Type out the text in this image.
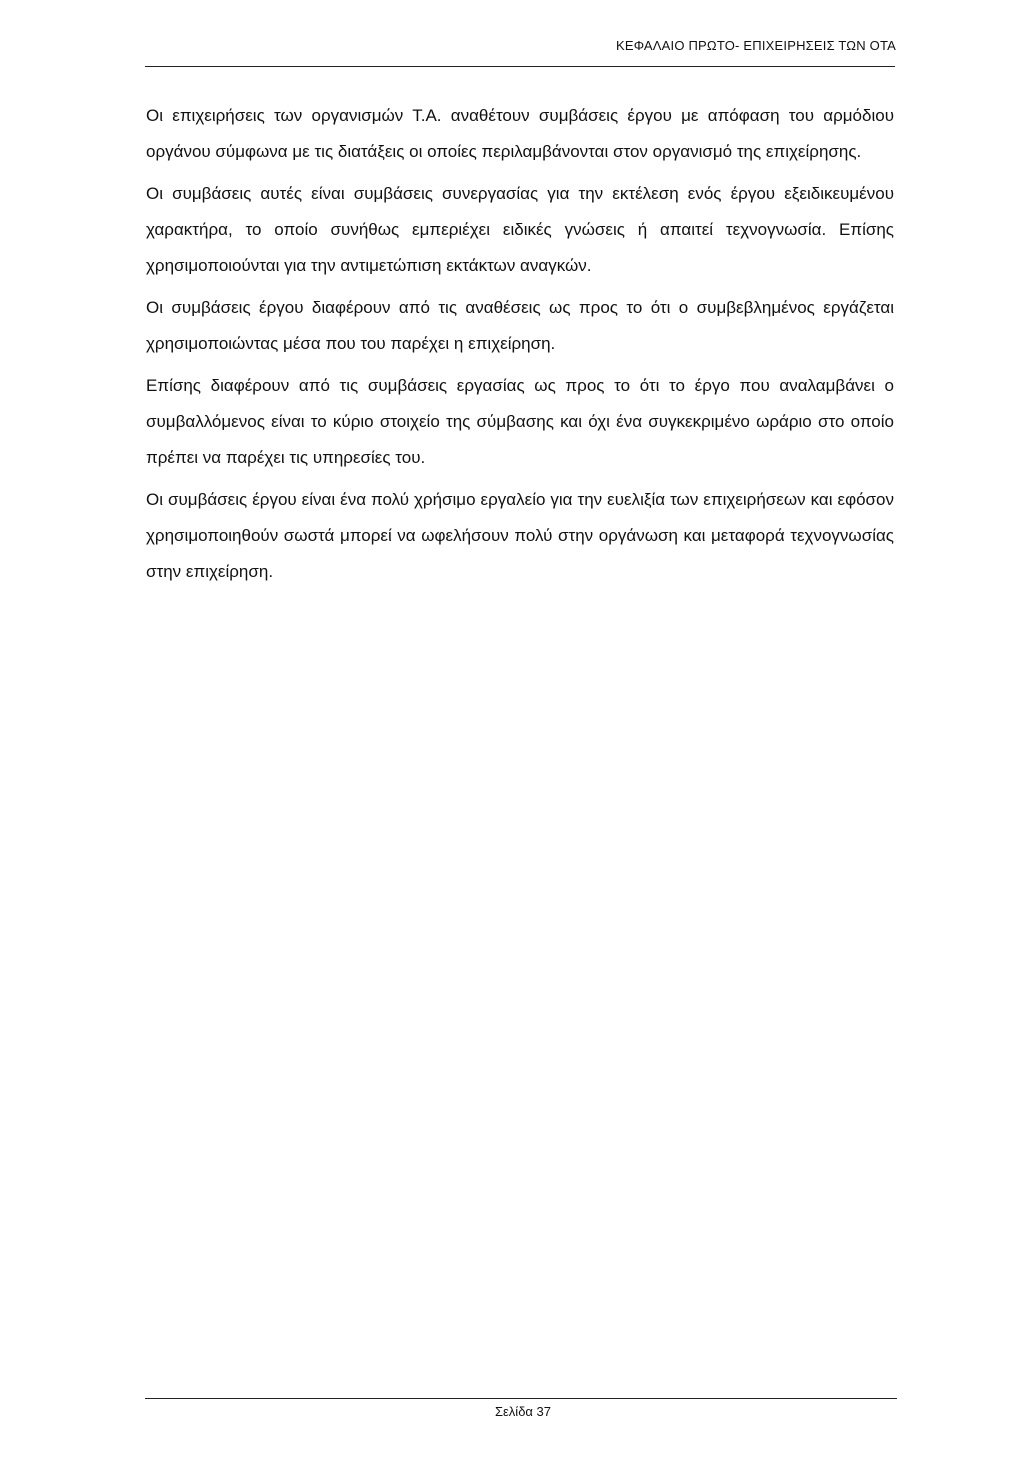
ΚΕΦΑΛΑΙΟ ΠΡΩΤΟ- ΕΠΙΧΕΙΡΗΣΕΙΣ ΤΩΝ ΟΤΑ

Οι επιχειρήσεις των οργανισμών Τ.Α. αναθέτουν συμβάσεις έργου με απόφαση του αρμόδιου οργάνου σύμφωνα με τις διατάξεις οι οποίες περιλαμβάνονται στον οργανισμό της επιχείρησης.

Οι συμβάσεις αυτές είναι συμβάσεις συνεργασίας για την εκτέλεση ενός έργου εξειδικευμένου χαρακτήρα, το οποίο συνήθως εμπεριέχει ειδικές γνώσεις ή απαιτεί τεχνογνωσία. Επίσης χρησιμοποιούνται για την αντιμετώπιση εκτάκτων αναγκών.

Οι συμβάσεις έργου διαφέρουν από τις αναθέσεις ως προς το ότι ο συμβεβλημένος εργάζεται χρησιμοποιώντας μέσα που του παρέχει η επιχείρηση.

Επίσης διαφέρουν από τις συμβάσεις εργασίας ως προς το ότι το έργο που αναλαμβάνει ο συμβαλλόμενος είναι το κύριο στοιχείο της σύμβασης και όχι ένα συγκεκριμένο ωράριο στο οποίο πρέπει να παρέχει τις υπηρεσίες του.

Οι συμβάσεις έργου είναι ένα πολύ χρήσιμο εργαλείο για την ευελιξία των επιχειρήσεων και εφόσον χρησιμοποιηθούν σωστά μπορεί να ωφελήσουν πολύ στην οργάνωση και μεταφορά τεχνογνωσίας στην επιχείρηση.

Σελίδα 37
